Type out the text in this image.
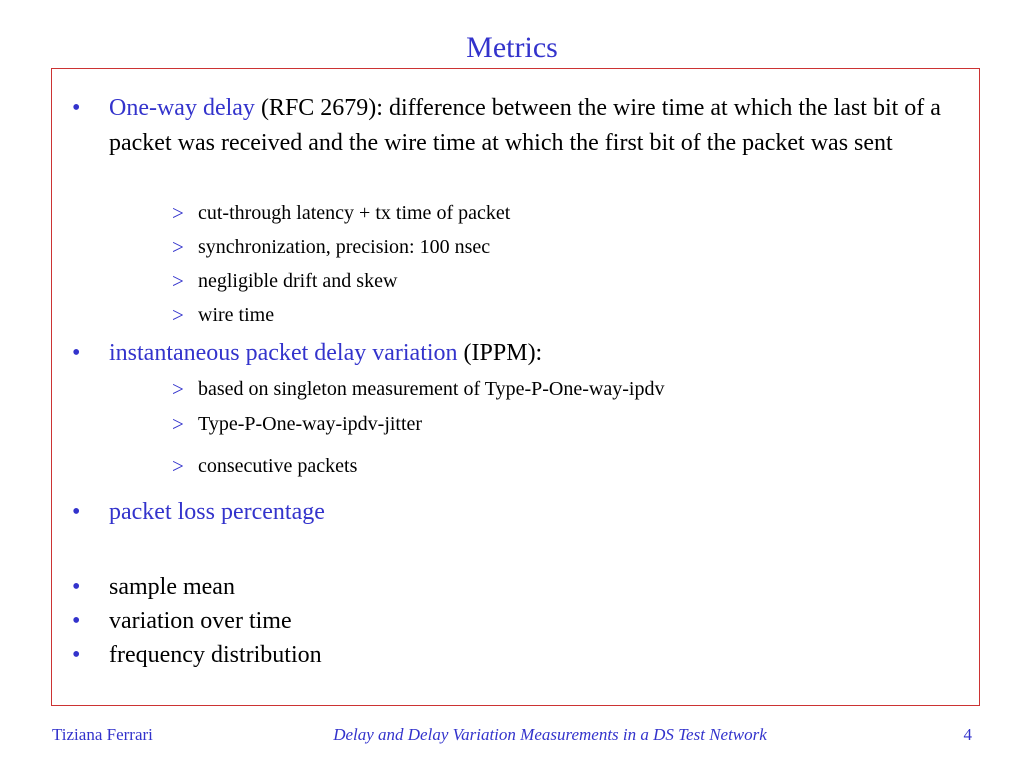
Metrics
• One-way delay (RFC 2679): difference between the wire time at which the last bit of a packet was received and the wire time at which the first bit of the packet was sent
> cut-through latency + tx time of packet
> synchronization, precision: 100 nsec
> negligible drift and skew
> wire time
• instantaneous packet delay variation (IPPM):
> based on singleton measurement of Type-P-One-way-ipdv
> Type-P-One-way-ipdv-jitter
> consecutive packets
• packet loss percentage
• sample mean
• variation over time
• frequency distribution
Tiziana Ferrari	Delay and Delay Variation Measurements in a DS Test Network	4
